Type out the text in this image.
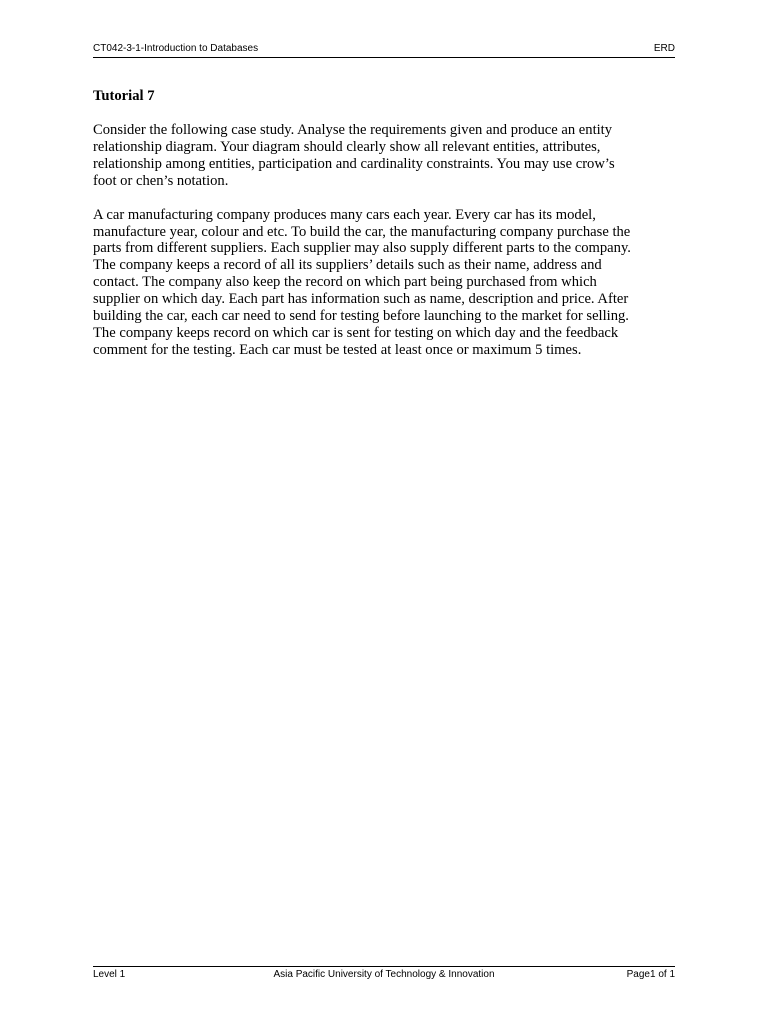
CT042-3-1-Introduction to Databases	ERD
Tutorial 7
Consider the following case study. Analyse the requirements given and produce an entity
relationship diagram. Your diagram should clearly show all relevant entities, attributes,
relationship among entities, participation and cardinality constraints. You may use crow’s
foot or chen’s notation.
A car manufacturing company produces many cars each year. Every car has its model,
manufacture year, colour and etc. To build the car, the manufacturing company purchase the
parts from different suppliers. Each supplier may also supply different parts to the company.
The company keeps a record of all its suppliers’ details such as their name, address and
contact. The company also keep the record on which part being purchased from which
supplier on which day. Each part has information such as name, description and price. After
building the car, each car need to send for testing before launching to the market for selling.
The company keeps record on which car is sent for testing on which day and the feedback
comment for the testing. Each car must be tested at least once or maximum 5 times.
Level 1	Asia Pacific University of Technology & Innovation	Page1 of 1
